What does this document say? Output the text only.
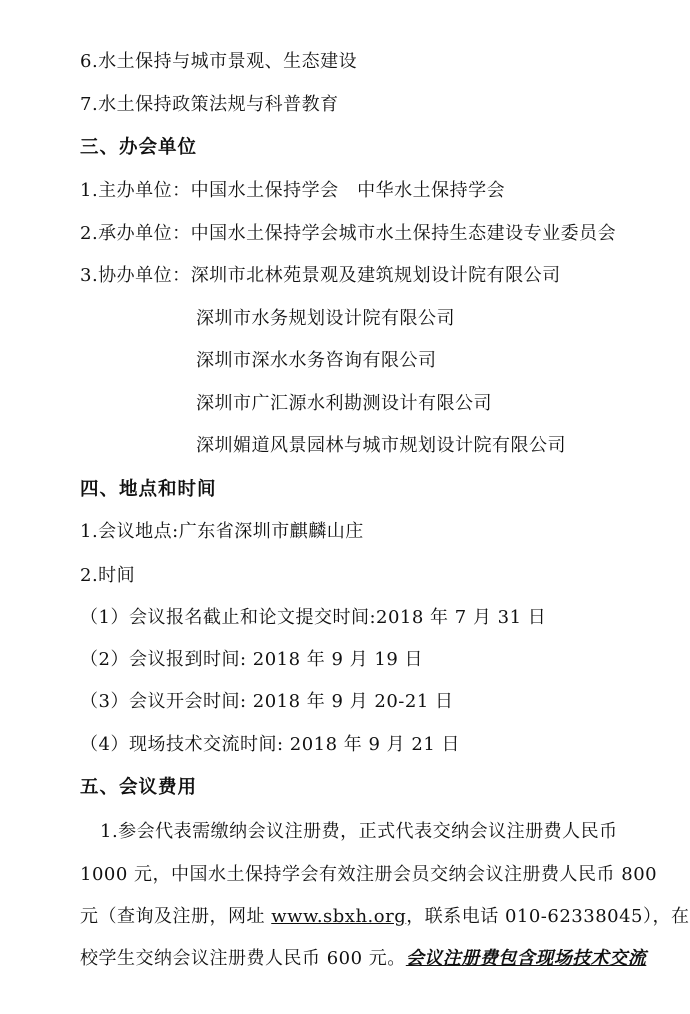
6.水土保持与城市景观、生态建设
7.水土保持政策法规与科普教育
三、办会单位
1.主办单位：中国水土保持学会　中华水土保持学会
2.承办单位：中国水土保持学会城市水土保持生态建设专业委员会
3.协办单位：深圳市北林苑景观及建筑规划设计院有限公司
深圳市水务规划设计院有限公司
深圳市深水水务咨询有限公司
深圳市广汇源水利勘测设计有限公司
深圳媚道风景园林与城市规划设计院有限公司
四、地点和时间
1.会议地点:广东省深圳市麒麟山庄
2.时间
（1）会议报名截止和论文提交时间:2018 年 7 月 31 日
（2）会议报到时间: 2018 年 9 月 19 日
（3）会议开会时间: 2018 年 9 月 20-21 日
（4）现场技术交流时间: 2018 年 9 月 21 日
五、会议费用
1.参会代表需缴纳会议注册费，正式代表交纳会议注册费人民币
1000 元，中国水土保持学会有效注册会员交纳会议注册费人民币 800
元（查询及注册，网址 www.sbxh.org，联系电话 010-62338045），在
校学生交纳会议注册费人民币 600 元。会议注册费包含现场技术交流
